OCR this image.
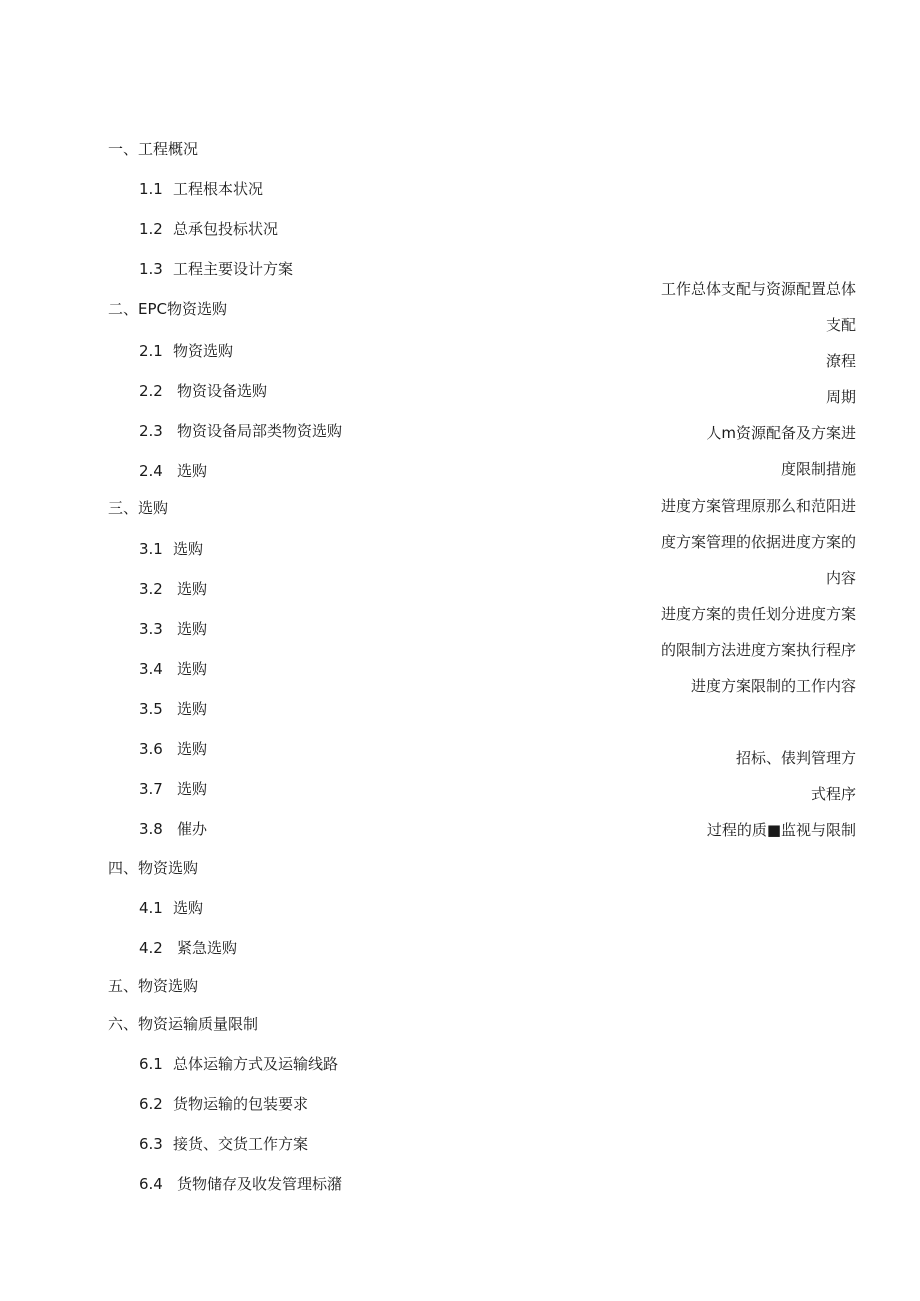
一、工程概况
1.1 工程根本状况
1.2 总承包投标状况
1.3 工程主要设计方案
二、EPC物资选购
2.1 物资选购
2.2 物资设备选购
2.3 物资设备局部类物资选购
2.4 选购
三、选购
3.1 选购
3.2 选购
3.3 选购
3.4 选购
3.5 选购
3.6 选购
3.7 选购
3.8 催办
四、物资选购
4.1 选购
4.2 紧急选购
五、物资选购
六、物资运输质量限制
6.1 总体运输方式及运输线路
6.2 货物运输的包装要求
6.3 接货、交货工作方案
6.4 货物储存及收发管理标潴
工作总体支配与资源配置总体
支配
潦程
周期
人m资源配备及方案进
度限制措施
进度方案管理原那么和范阳进
度方案管理的依据进度方案的
内容
进度方案的贵任划分进度方案
的限制方法进度方案执行程序
进度方案限制的工作内容
招标、俵判管理方
式程序
过程的质■监视与限制
